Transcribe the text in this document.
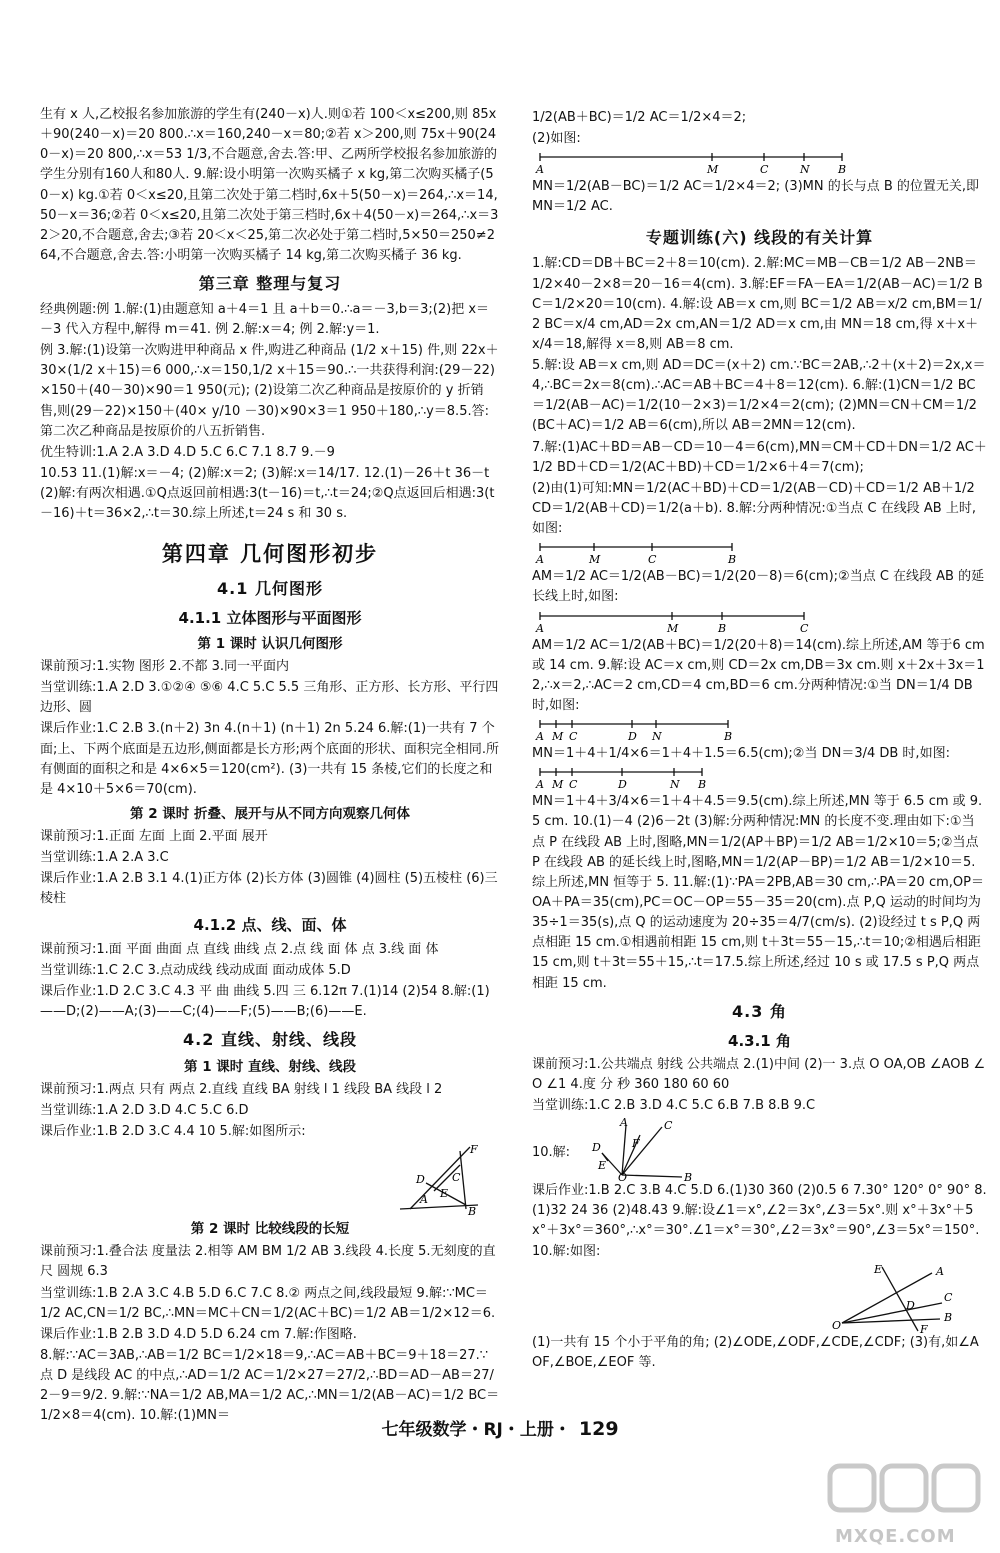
生有 x 人,乙校报名参加旅游的学生有(240－x)人.则①若 100＜x≤200,则 85x＋90(240－x)＝20 800.∴x＝160,240－x＝80;②若 x＞200,则 75x＋90(240－x)＝20 800,∴x＝53 1/3,不合题意,舍去.答:甲、乙两所学校报名参加旅游的学生分别有160人和80人. 9.解:设小明第一次购买橘子 x kg,第二次购买橘子(50－x) kg.①若 0＜x≤20,且第二次处于第二档时,6x＋5(50－x)＝264,∴x＝14,50－x＝36;②若 0＜x≤20,且第二次处于第三档时,6x＋4(50－x)＝264,∴x＝32＞20,不合题意,舍去;③若 20＜x＜25,第二次必处于第二档时,5×50＝250≠264,不合题意,舍去.答:小明第一次购买橘子 14 kg,第二次购买橘子 36 kg.

第三章 整理与复习

经典例题:例 1.解:(1)由题意知 a＋4＝1 且 a＋b＝0.∴a＝－3,b＝3;(2)把 x＝－3 代入方程中,解得 m＝41. 例 2.解:x＝4; 例 2.解:y＝1.

例 3.解:(1)设第一次购进甲种商品 x 件,购进乙种商品 (1/2 x＋15) 件,则 22x＋30×(1/2 x＋15)＝6 000,∴x＝150,1/2 x＋15＝90.∴一共获得利润:(29－22)×150＋(40－30)×90＝1 950(元); (2)设第二次乙种商品是按原价的 y 折销售,则(29－22)×150＋(40× y/10 －30)×90×3＝1 950＋180,∴y＝8.5.答:第二次乙种商品是按原价的八五折销售.

优生特训:1.A 2.A 3.D 4.D 5.C 6.C 7.1 8.7 9.－9

10.53 11.(1)解:x＝－4; (2)解:x＝2; (3)解:x＝14/17. 12.(1)－26＋t 36－t (2)解:有两次相遇.①Q点返回前相遇:3(t－16)＝t,∴t＝24;②Q点返回后相遇:3(t－16)＋t＝36×2,∴t＝30.综上所述,t＝24 s 和 30 s.

第四章 几何图形初步
4.1 几何图形
4.1.1 立体图形与平面图形
第 1 课时 认识几何图形

课前预习:1.实物 图形 2.不都 3.同一平面内

当堂训练:1.A 2.D 3.①②④ ⑤⑥ 4.C 5.C 5.5 三角形、正方形、长方形、平行四边形、圆

课后作业:1.C 2.B 3.(n＋2) 3n 4.(n＋1) (n＋1) 2n 5.24 6.解:(1)一共有 7 个面;上、下两个底面是五边形,侧面都是长方形;两个底面的形状、面积完全相同.所有侧面的面积之和是 4×6×5＝120(cm²). (3)一共有 15 条棱,它们的长度之和是 4×10＋5×6＝70(cm).

第 2 课时 折叠、展开与从不同方向观察几何体

课前预习:1.正面 左面 上面 2.平面 展开

当堂训练:1.A 2.A 3.C

课后作业:1.A 2.B 3.1 4.(1)正方体 (2)长方体 (3)圆锥 (4)圆柱 (5)五棱柱 (6)三棱柱

4.1.2 点、线、面、体

课前预习:1.面 平面 曲面 点 直线 曲线 点 2.点 线 面 体 点 3.线 面 体

当堂训练:1.C 2.C 3.点动成线 线动成面 面动成体 5.D

课后作业:1.D 2.C 3.C 4.3 平 曲 曲线 5.四 三 6.12π 7.(1)14 (2)54 8.解:(1)——D;(2)——A;(3)——C;(4)——F;(5)——B;(6)——E.

4.2 直线、射线、线段
第 1 课时 直线、射线、线段

课前预习:1.两点 只有 两点 2.直线 直线 BA 射线 l 1 线段 BA 线段 l 2

当堂训练:1.A 2.D 3.D 4.C 5.C 6.D

课后作业:1.B 2.D 3.C 4.4 10 5.解:如图所示:

F
D C
A E
B
第 2 课时 比较线段的长短

课前预习:1.叠合法 度量法 2.相等 AM BM 1/2 AB 3.线段 4.长度 5.无刻度的直尺 圆规 6.3

当堂训练:1.B 2.A 3.C 4.B 5.D 6.C 7.C 8.② 两点之间,线段最短 9.解:∵MC＝1/2 AC,CN＝1/2 BC,∴MN＝MC＋CN＝1/2(AC＋BC)＝1/2 AB＝1/2×12＝6.

课后作业:1.B 2.B 3.D 4.D 5.D 6.24 cm 7.解:作图略.

8.解:∵AC＝3AB,∴AB＝1/2 BC＝1/2×18＝9,∴AC＝AB＋BC＝9＋18＝27.∵点 D 是线段 AC 的中点,∴AD＝1/2 AC＝1/2×27＝27/2,∴BD＝AD－AB＝27/2－9＝9/2. 9.解:∵NA＝1/2 AB,MA＝1/2 AC,∴MN＝1/2(AB－AC)＝1/2 BC＝1/2×8＝4(cm). 10.解:(1)MN＝

1/2(AB＋BC)＝1/2 AC＝1/2×4＝2;

(2)如图:

A	M	C	N	B

MN＝1/2(AB－BC)＝1/2 AC＝1/2×4＝2; (3)MN 的长与点 B 的位置无关,即 MN＝1/2 AC.

专题训练(六) 线段的有关计算

1.解:CD＝DB＋BC＝2＋8＝10(cm). 2.解:MC＝MB－CB＝1/2 AB－2NB＝1/2×40－2×8＝20－16＝4(cm). 3.解:EF＝FA－EA＝1/2(AB－AC)＝1/2 BC＝1/2×20＝10(cm). 4.解:设 AB＝x cm,则 BC＝1/2 AB＝x/2 cm,BM＝1/2 BC＝x/4 cm,AD＝2x cm,AN＝1/2 AD＝x cm,由 MN＝18 cm,得 x＋x＋x/4＝18,解得 x＝8,则 AB＝8 cm.

5.解:设 AB＝x cm,则 AD＝DC＝(x＋2) cm.∵BC＝2AB,∴2＋(x＋2)＝2x,x＝4,∴BC＝2x＝8(cm).∴AC＝AB＋BC＝4＋8＝12(cm). 6.解:(1)CN＝1/2 BC＝1/2(AB－AC)＝1/2(10－2×3)＝1/2×4＝2(cm); (2)MN＝CN＋CM＝1/2(BC＋AC)＝1/2 AB＝6(cm),所以 AB＝2MN＝12(cm).

7.解:(1)AC＋BD＝AB－CD＝10－4＝6(cm),MN＝CM＋CD＋DN＝1/2 AC＋1/2 BD＋CD＝1/2(AC＋BD)＋CD＝1/2×6＋4＝7(cm);

(2)由(1)可知:MN＝1/2(AC＋BD)＋CD＝1/2(AB－CD)＋CD＝1/2 AB＋1/2 CD＝1/2(AB＋CD)＝1/2(a＋b). 8.解:分两种情况:①当点 C 在线段 AB 上时,如图:

A	M	C	B

AM＝1/2 AC＝1/2(AB－BC)＝1/2(20－8)＝6(cm);②当点 C 在线段 AB 的延长线上时,如图:

A	M	B	C

AM＝1/2 AC＝1/2(AB＋BC)＝1/2(20＋8)＝14(cm).综上所述,AM 等于6 cm或 14 cm. 9.解:设 AC＝x cm,则 CD＝2x cm,DB＝3x cm.则 x＋2x＋3x＝12,∴x＝2,∴AC＝2 cm,CD＝4 cm,BD＝6 cm.分两种情况:①当 DN＝1/4 DB 时,如图:

A M C	D N	B

MN＝1＋4＋1/4×6＝1＋4＋1.5＝6.5(cm);②当 DN＝3/4 DB 时,如图:

A M C	D	N B

MN＝1＋4＋3/4×6＝1＋4＋4.5＝9.5(cm).综上所述,MN 等于 6.5 cm 或 9.5 cm. 10.(1)－4 (2)6－2t (3)解:分两种情况:MN 的长度不变.理由如下:①当点 P 在线段 AB 上时,图略,MN＝1/2(AP＋BP)＝1/2 AB＝1/2×10＝5;②当点 P 在线段 AB 的延长线上时,图略,MN＝1/2(AP－BP)＝1/2 AB＝1/2×10＝5.综上所述,MN 恒等于 5. 11.解:(1)∵PA＝2PB,AB＝30 cm,∴PA＝20 cm,OP＝OA＋PA＝35(cm),PC＝OC－OP＝55－35＝20(cm).点 P,Q 运动的时间均为 35÷1＝35(s),点 Q 的运动速度为 20÷35＝4/7(cm/s). (2)设经过 t s P,Q 两点相距 15 cm.①相遇前相距 15 cm,则 t＋3t＝55－15,∴t＝10;②相遇后相距 15 cm,则 t＋3t＝55＋15,∴t＝17.5.综上所述,经过 10 s 或 17.5 s P,Q 两点相距 15 cm.

4.3 角
4.3.1 角

课前预习:1.公共端点 射线 公共端点 2.(1)中间 (2)一 3.点 O OA,OB ∠AOB ∠O ∠1 4.度 分 秒 360 180 60 60

当堂训练:1.C 2.B 3.D 4.C 5.C 6.B 7.B 8.B 9.C

10.解:
A	C
F
D
E
O	B

课后作业:1.B 2.C 3.B 4.C 5.D 6.(1)30 360 (2)0.5 6 7.30° 120° 0° 90° 8.(1)32 24 36 (2)48.43 9.解:设∠1＝x°,∠2＝3x°,∠3＝5x°.则 x°＋3x°＋5x°＋3x°＝360°,∴x°＝30°.∠1＝x°＝30°,∠2＝3x°＝90°,∠3＝5x°＝150°. 10.解:如图:

E	A
C
D
B
O	F

(1)一共有 15 个小于平角的角; (2)∠ODE,∠ODF,∠CDE,∠CDF; (3)有,如∠AOF,∠BOE,∠EOF 等.

七年级数学・RJ・上册・ 129
MXQE.COM
